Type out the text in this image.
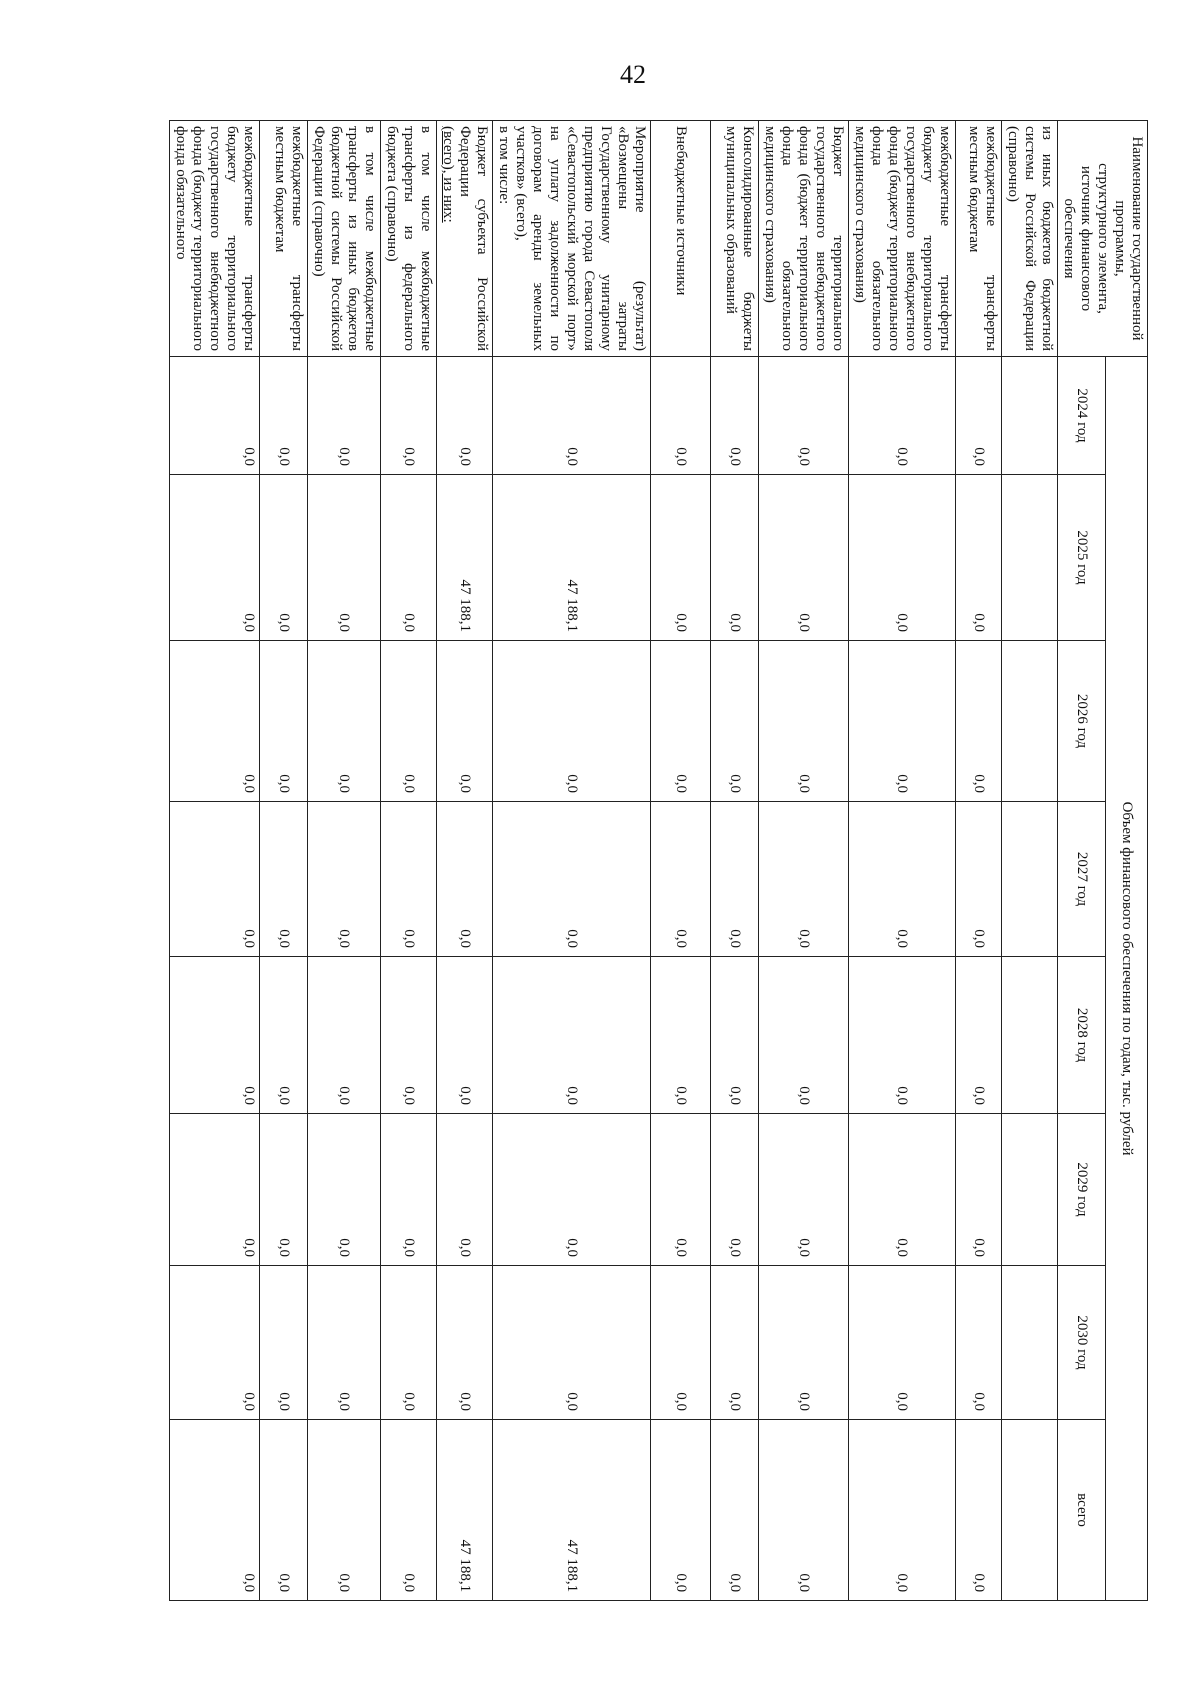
42
Наименование государственной программы,
структурного элемента,
источник финансового обеспечения	Объем финансового обеспечения по годам, тыс. рублей							
	2024 год	2025 год	2026 год	2027 год	2028 год	2029 год	2030 год	всего
из иных бюджетов бюджетной системы Российской Федерации (справочно)								
межбюджетные трансферты местным бюджетам	0,0	0,0	0,0	0,0	0,0	0,0	0,0	0,0
межбюджетные трансферты бюджету территориального государственного внебюджетного фонда (бюджету территориального фонда обязательного медицинского страхования)	0,0	0,0	0,0	0,0	0,0	0,0	0,0	0,0
Бюджет территориального государственного внебюджетного фонда (бюджет территориального фонда обязательного медицинского страхования)	0,0	0,0	0,0	0,0	0,0	0,0	0,0	0,0
Консолидированные бюджеты муниципальных образований	0,0	0,0	0,0	0,0	0,0	0,0	0,0	0,0
Внебюджетные источники	0,0	0,0	0,0	0,0	0,0	0,0	0,0	0,0

Мероприятие (результат) «Возмещены затраты Государственному унитарному предприятию города Севастополя «Севастопольский морской порт» на уплату задолженности по договорам аренды земельных участков» (всего),
в том числе:	0,0	47 188,1	0,0	0,0	0,0	0,0	0,0	47 188,1

Бюджет субъекта Российской Федерации
(всего), из них:	0,0	47 188,1	0,0	0,0	0,0	0,0	0,0	47 188,1
в том числе межбюджетные трансферты из федерального бюджета (справочно)	0,0	0,0	0,0	0,0	0,0	0,0	0,0	0,0
в том числе межбюджетные трансферты из иных бюджетов бюджетной системы Российской Федерации (справочно)	0,0	0,0	0,0	0,0	0,0	0,0	0,0	0,0
межбюджетные трансферты местным бюджетам	0,0	0,0	0,0	0,0	0,0	0,0	0,0	0,0
межбюджетные трансферты бюджету территориального государственного внебюджетного фонда (бюджету территориального фонда обязательного	0,0	0,0	0,0	0,0	0,0	0,0	0,0	0,0
